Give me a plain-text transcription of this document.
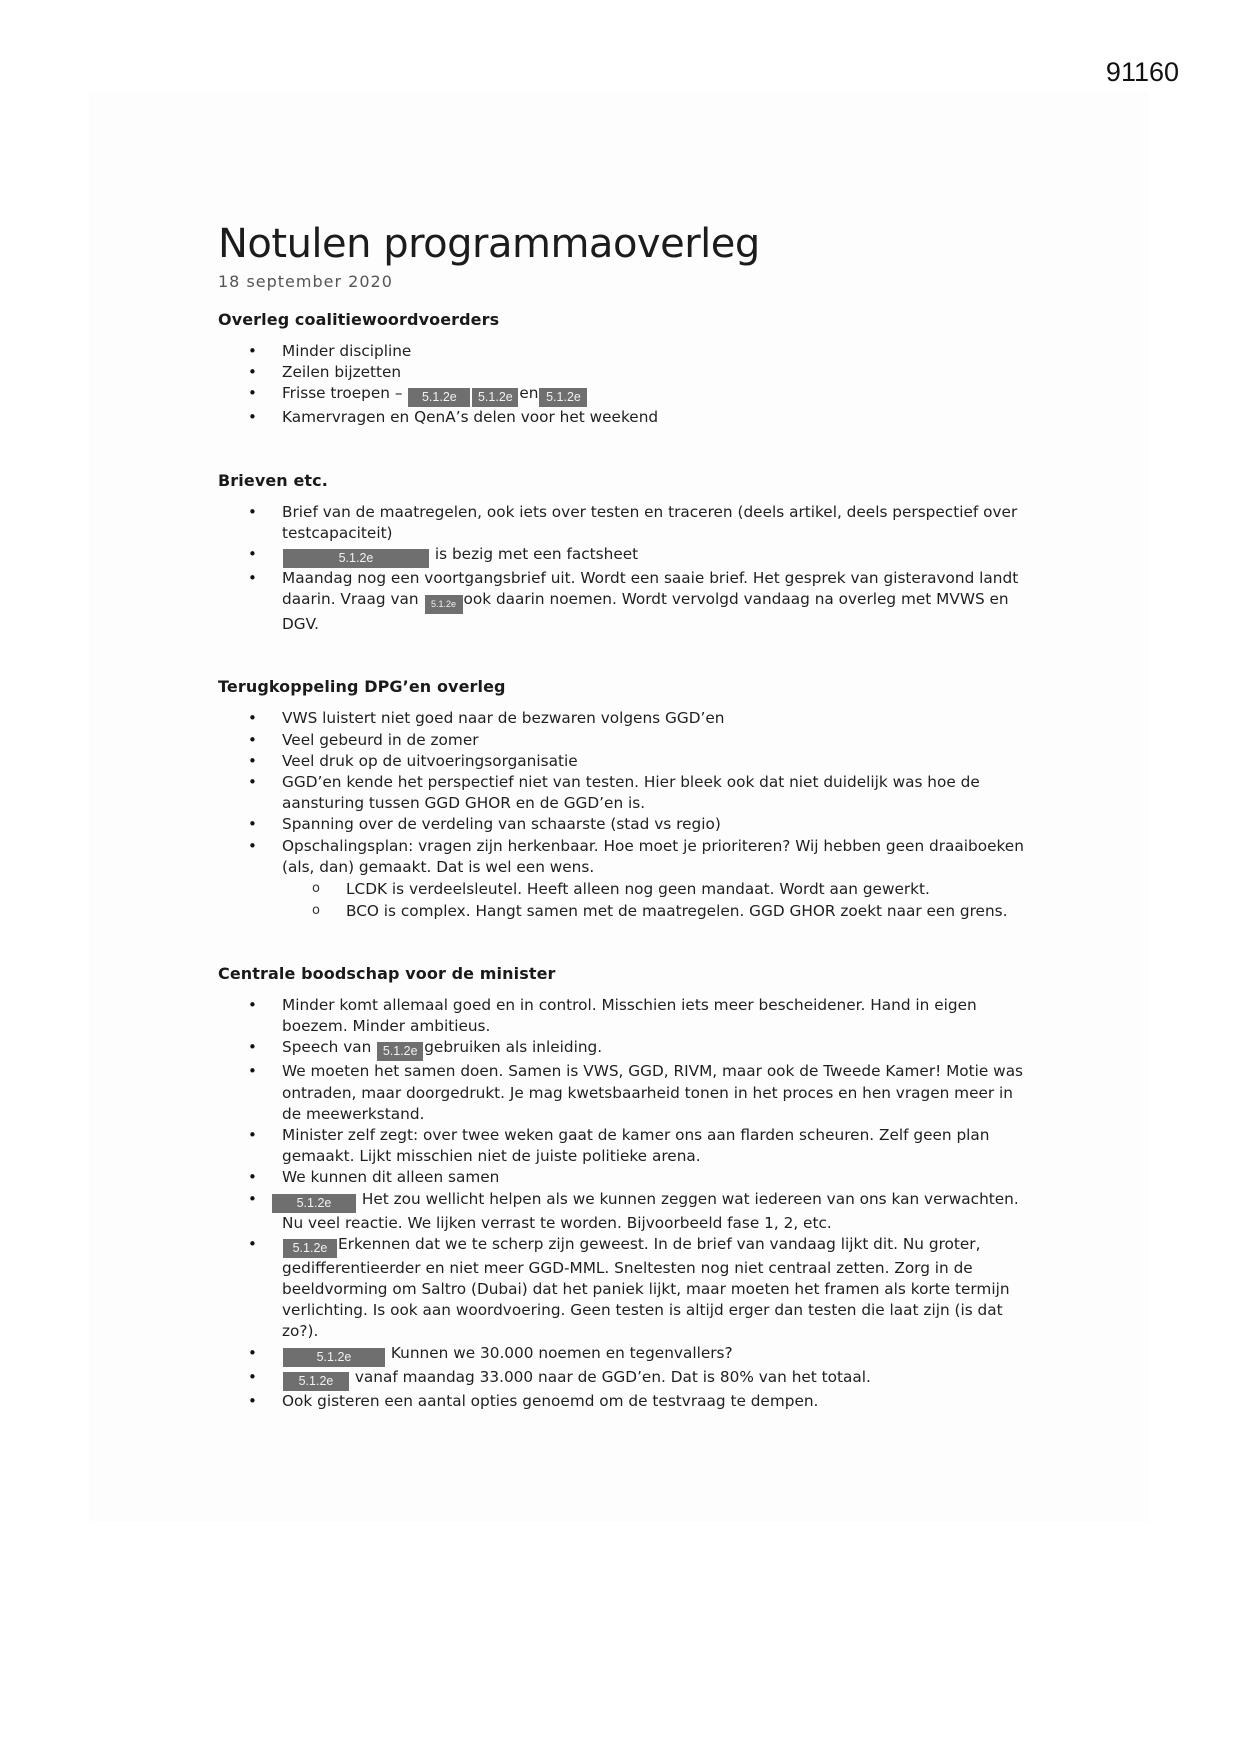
91160
Notulen programmaoverleg
18 september 2020
Overleg coalitiewoordvoerders
• Minder discipline
• Zeilen bijzetten
• Frisse troepen – 5.1.2e 5.1.2e en 5.1.2e
• Kamervragen en QenA’s delen voor het weekend
Brieven etc.
• Brief van de maatregelen, ook iets over testen en traceren (deels artikel, deels perspectief over testcapaciteit)
• 5.1.2e	is bezig met een factsheet
• Maandag nog een voortgangsbrief uit. Wordt een saaie brief. Het gesprek van gisteravond landt daarin. Vraag van 5.1.2e ook daarin noemen. Wordt vervolgd vandaag na overleg met MVWS en DGV.
Terugkoppeling DPG’en overleg
• VWS luistert niet goed naar de bezwaren volgens GGD’en
• Veel gebeurd in de zomer
• Veel druk op de uitvoeringsorganisatie
• GGD’en kende het perspectief niet van testen. Hier bleek ook dat niet duidelijk was hoe de aansturing tussen GGD GHOR en de GGD’en is.
• Spanning over de verdeling van schaarste (stad vs regio)
• Opschalingsplan: vragen zijn herkenbaar. Hoe moet je prioriteren? Wij hebben geen draaiboeken (als, dan) gemaakt. Dat is wel een wens.
o LCDK is verdeelsleutel. Heeft alleen nog geen mandaat. Wordt aan gewerkt.
o BCO is complex. Hangt samen met de maatregelen. GGD GHOR zoekt naar een grens.
Centrale boodschap voor de minister
• Minder komt allemaal goed en in control. Misschien iets meer bescheidener. Hand in eigen boezem. Minder ambitieus.
• Speech van 5.1.2e gebruiken als inleiding.
• We moeten het samen doen. Samen is VWS, GGD, RIVM, maar ook de Tweede Kamer! Motie was ontraden, maar doorgedrukt. Je mag kwetsbaarheid tonen in het proces en hen vragen meer in de meewerkstand.
• Minister zelf zegt: over twee weken gaat de kamer ons aan flarden scheuren. Zelf geen plan gemaakt. Lijkt misschien niet de juiste politieke arena.
• We kunnen dit alleen samen
• 5.1.2e Het zou wellicht helpen als we kunnen zeggen wat iedereen van ons kan verwachten. Nu veel reactie. We lijken verrast te worden. Bijvoorbeeld fase 1, 2, etc.
• 5.1.2e Erkennen dat we te scherp zijn geweest. In de brief van vandaag lijkt dit. Nu groter, gedifferentieerder en niet meer GGD-MML. Sneltesten nog niet centraal zetten. Zorg in de beeldvorming om Saltro (Dubai) dat het paniek lijkt, maar moeten het framen als korte termijn verlichting. Is ook aan woordvoering. Geen testen is altijd erger dan testen die laat zijn (is dat zo?).
• 5.1.2e	Kunnen we 30.000 noemen en tegenvallers?
• 5.1.2e vanaf maandag 33.000 naar de GGD’en. Dat is 80% van het totaal.
• Ook gisteren een aantal opties genoemd om de testvraag te dempen.
